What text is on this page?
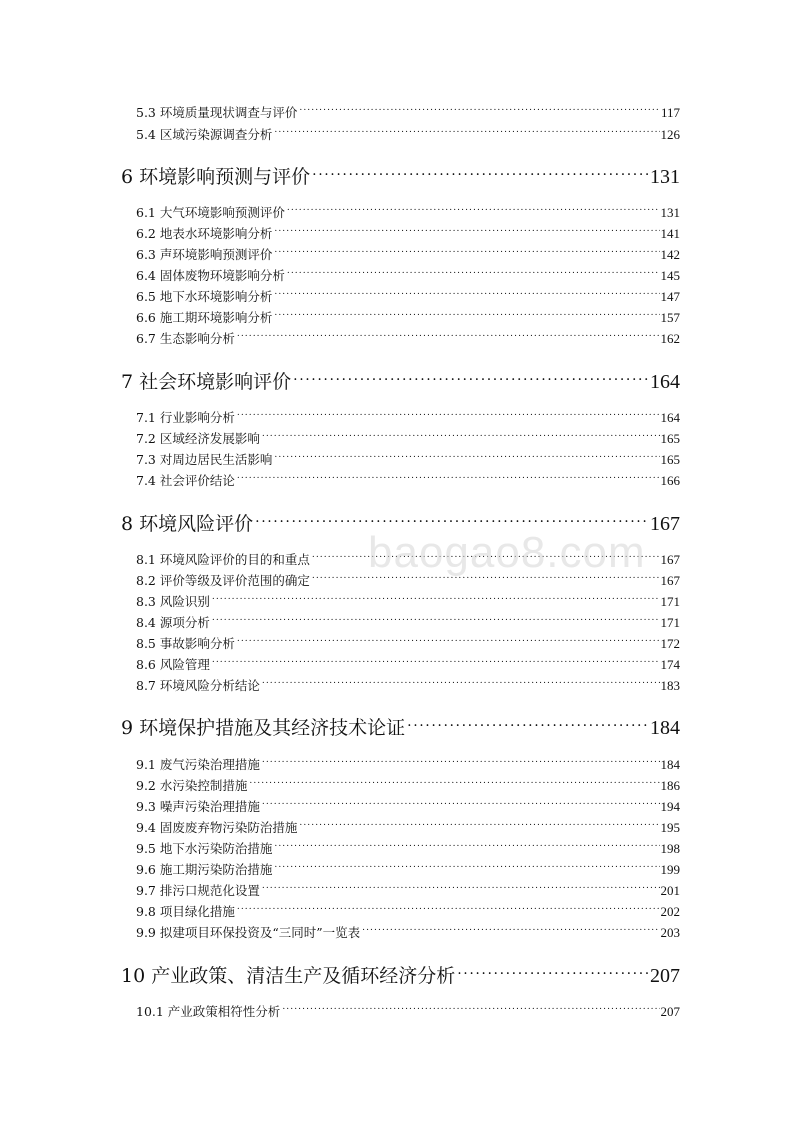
5.3 环境质量现状调查与评价 .....	117
5.4 区域污染源调查分析 .....	126
6 环境影响预测与评价 .....	131
6.1 大气环境影响预测评价 .....	131
6.2 地表水环境影响分析 .....	141
6.3 声环境影响预测评价 .....	142
6.4 固体废物环境影响分析 .....	145
6.5 地下水环境影响分析 .....	147
6.6 施工期环境影响分析 .....	157
6.7 生态影响分析 .....	162
7 社会环境影响评价 .....	164
7.1 行业影响分析 .....	164
7.2 区域经济发展影响 .....	165
7.3 对周边居民生活影响 .....	165
7.4 社会评价结论 .....	166
8 环境风险评价 .....	167
8.1 环境风险评价的目的和重点 .....	167
8.2 评价等级及评价范围的确定 .....	167
8.3 风险识别 .....	171
8.4 源项分析 .....	171
8.5 事故影响分析 .....	172
8.6 风险管理 .....	174
8.7 环境风险分析结论 .....	183
9 环境保护措施及其经济技术论证 .....	184
9.1 废气污染治理措施 .....	184
9.2 水污染控制措施 .....	186
9.3 噪声污染治理措施 .....	194
9.4 固废废弃物污染防治措施 .....	195
9.5 地下水污染防治措施 .....	198
9.6 施工期污染防治措施 .....	199
9.7 排污口规范化设置 .....	201
9.8 项目绿化措施 .....	202
9.9 拟建项目环保投资及“三同时”一览表 .....	203
10 产业政策、清洁生产及循环经济分析 .....	207
10.1 产业政策相符性分析 .....	207
baogao8.com
